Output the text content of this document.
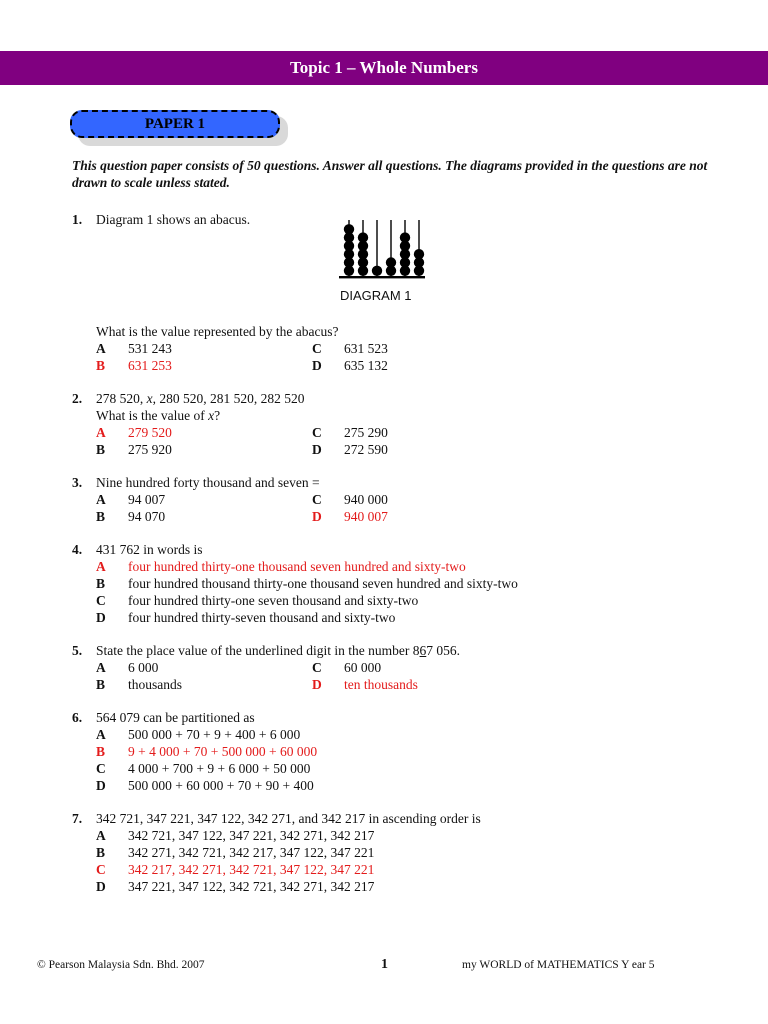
Topic 1 – Whole Numbers
PAPER 1
This question paper consists of 50 questions. Answer all questions. The diagrams provided in the questions are not drawn to scale unless stated.
1. Diagram 1 shows an abacus.
What is the value represented by the abacus?
A 531 243	C 631 523
B 631 253	D 635 132
DIAGRAM 1
2. 278 520, x, 280 520, 281 520, 282 520
What is the value of x?
A 279 520	C 275 290
B 275 920	D 272 590
3. Nine hundred forty thousand and seven =
A 94 007	C 940 000
B 94 070	D 940 007
4. 431 762 in words is
A four hundred thirty-one thousand seven hundred and sixty-two
B four hundred thousand thirty-one thousand seven hundred and sixty-two
C four hundred thirty-one seven thousand and sixty-two
D four hundred thirty-seven thousand and sixty-two
5. State the place value of the underlined digit in the number 867 056.
A 6 000	C 60 000
B thousands	D ten thousands
6. 564 079 can be partitioned as
A 500 000 + 70 + 9 + 400 + 6 000
B 9 + 4 000 + 70 + 500 000 + 60 000
C 4 000 + 700 + 9 + 6 000 + 50 000
D 500 000 + 60 000 + 70 + 90 + 400
7. 342 721, 347 221, 347 122, 342 271, and 342 217 in ascending order is
A 342 721, 347 122, 347 221, 342 271, 342 217
B 342 271, 342 721, 342 217, 347 122, 347 221
C 342 217, 342 271, 342 721, 347 122, 347 221
D 347 221, 347 122, 342 721, 342 271, 342 217
© Pearson Malaysia Sdn. Bhd. 2007	1	my WORLD of MATHEMATICS Y ear 5
